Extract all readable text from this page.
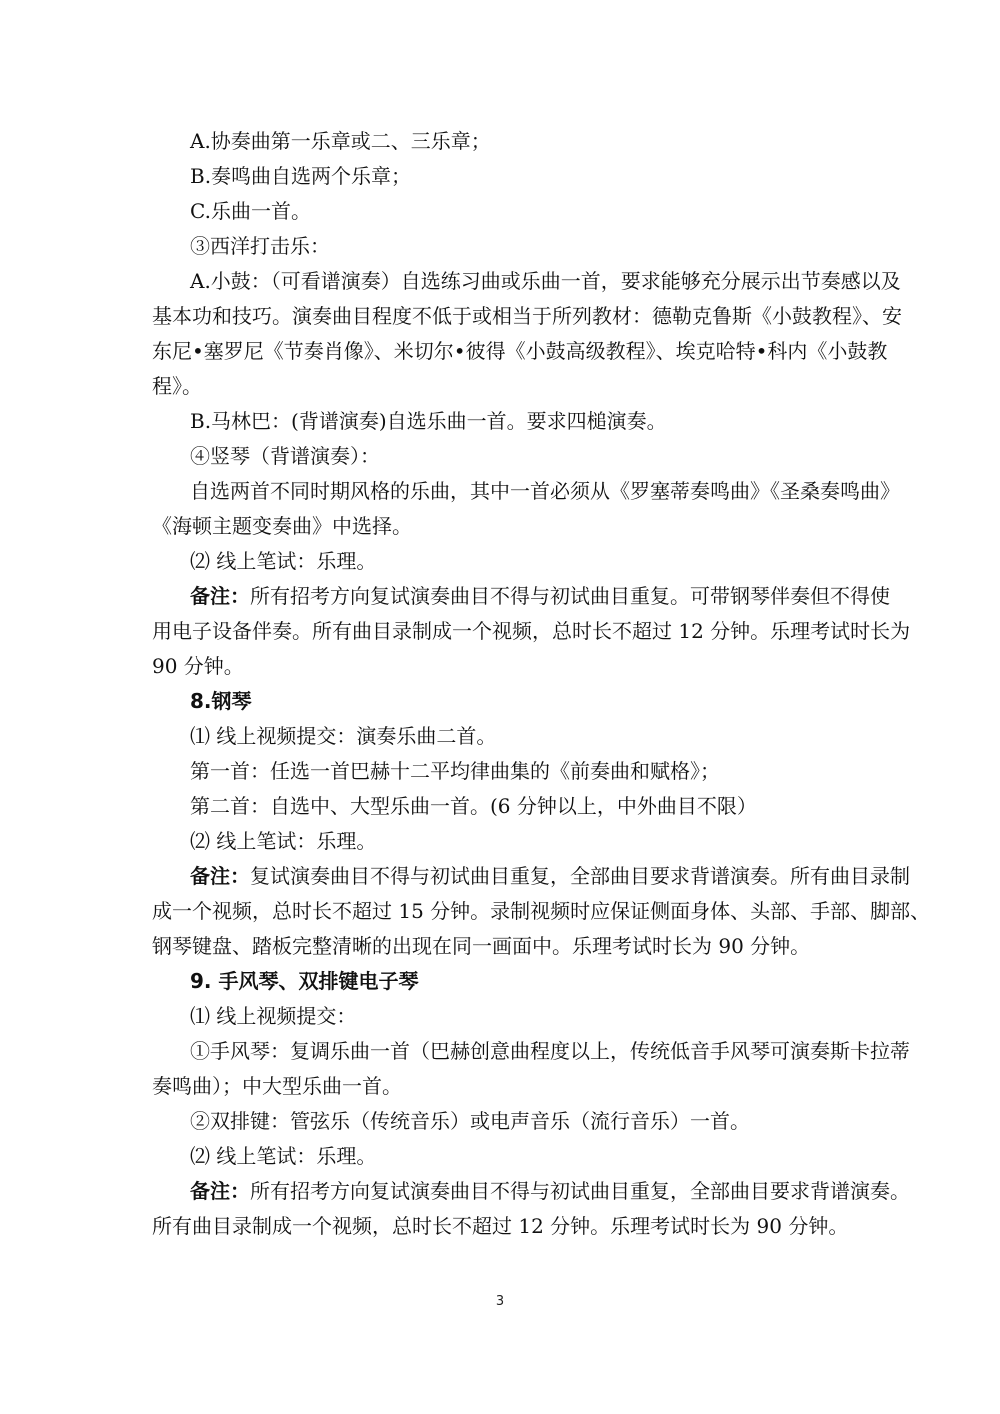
A.协奏曲第一乐章或二、三乐章；
B.奏鸣曲自选两个乐章；
C.乐曲一首。
③西洋打击乐：
A.小鼓：（可看谱演奏）自选练习曲或乐曲一首，要求能够充分展示出节奏感以及
基本功和技巧。演奏曲目程度不低于或相当于所列教材：德勒克鲁斯《小鼓教程》、安
东尼•塞罗尼《节奏肖像》、米切尔•彼得《小鼓高级教程》、埃克哈特•科内《小鼓教
程》。
B.马林巴：(背谱演奏)自选乐曲一首。要求四槌演奏。
④竖琴（背谱演奏）：
自选两首不同时期风格的乐曲，其中一首必须从《罗塞蒂奏鸣曲》《圣桑奏鸣曲》
《海顿主题变奏曲》中选择。
⑵ 线上笔试：乐理。
备注：所有招考方向复试演奏曲目不得与初试曲目重复。可带钢琴伴奏但不得使
用电子设备伴奏。所有曲目录制成一个视频，总时长不超过 12 分钟。乐理考试时长为
90 分钟。
8.钢琴
⑴ 线上视频提交：演奏乐曲二首。
第一首：任选一首巴赫十二平均律曲集的《前奏曲和赋格》；
第二首：自选中、大型乐曲一首。(6 分钟以上，中外曲目不限）
⑵ 线上笔试：乐理。
备注：复试演奏曲目不得与初试曲目重复，全部曲目要求背谱演奏。所有曲目录制
成一个视频，总时长不超过 15 分钟。录制视频时应保证侧面身体、头部、手部、脚部、
钢琴键盘、踏板完整清晰的出现在同一画面中。乐理考试时长为 90 分钟。
9. 手风琴、双排键电子琴
⑴ 线上视频提交：
①手风琴：复调乐曲一首（巴赫创意曲程度以上，传统低音手风琴可演奏斯卡拉蒂
奏鸣曲）；中大型乐曲一首。
②双排键：管弦乐（传统音乐）或电声音乐（流行音乐）一首。
⑵ 线上笔试：乐理。
备注：所有招考方向复试演奏曲目不得与初试曲目重复，全部曲目要求背谱演奏。
所有曲目录制成一个视频，总时长不超过 12 分钟。乐理考试时长为 90 分钟。
3
